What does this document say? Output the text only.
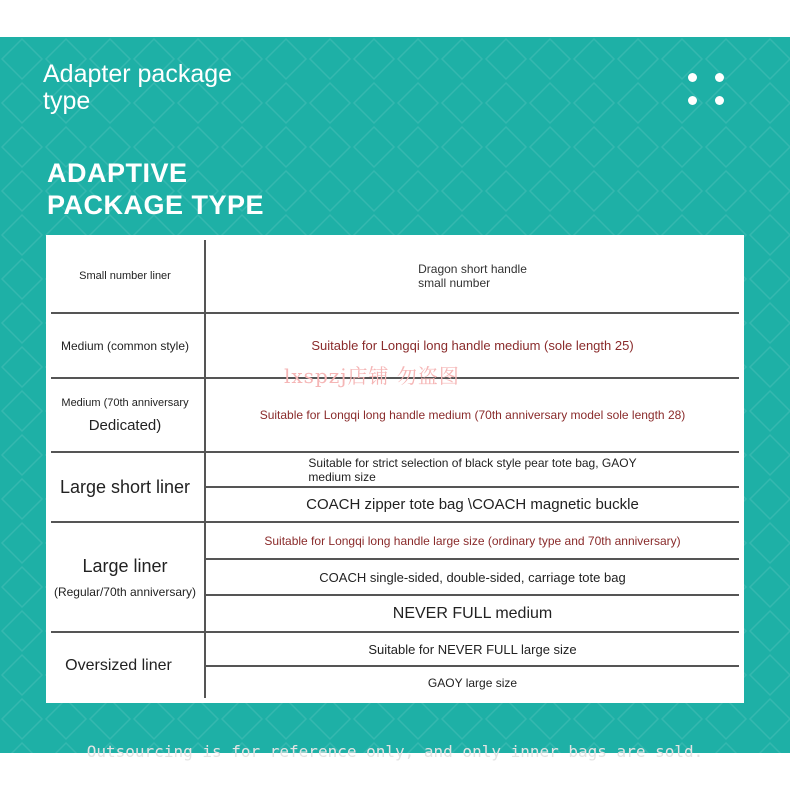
Adapter package
type
ADAPTIVE
PACKAGE TYPE
Small number liner	Dragon short handle
small number
Medium (common style)	Suitable for Longqi long handle medium (sole length 25)
Medium (70th anniversary
Dedicated)
Suitable for Longqi long handle medium (70th anniversary model sole length 28)
Large short liner
Suitable for strict selection of black style pear tote bag, GAOY
medium size
COACH zipper tote bag \COACH magnetic buckle
Large liner
(Regular/70th anniversary)
Suitable for Longqi long handle large size (ordinary type and 70th anniversary)
COACH single-sided, double-sided, carriage tote bag
NEVER FULL medium
Oversized liner
Suitable for NEVER FULL large size
GAOY large size
lxspzj店铺 勿盗图
Outsourcing is for reference only, and only inner bags are sold.
